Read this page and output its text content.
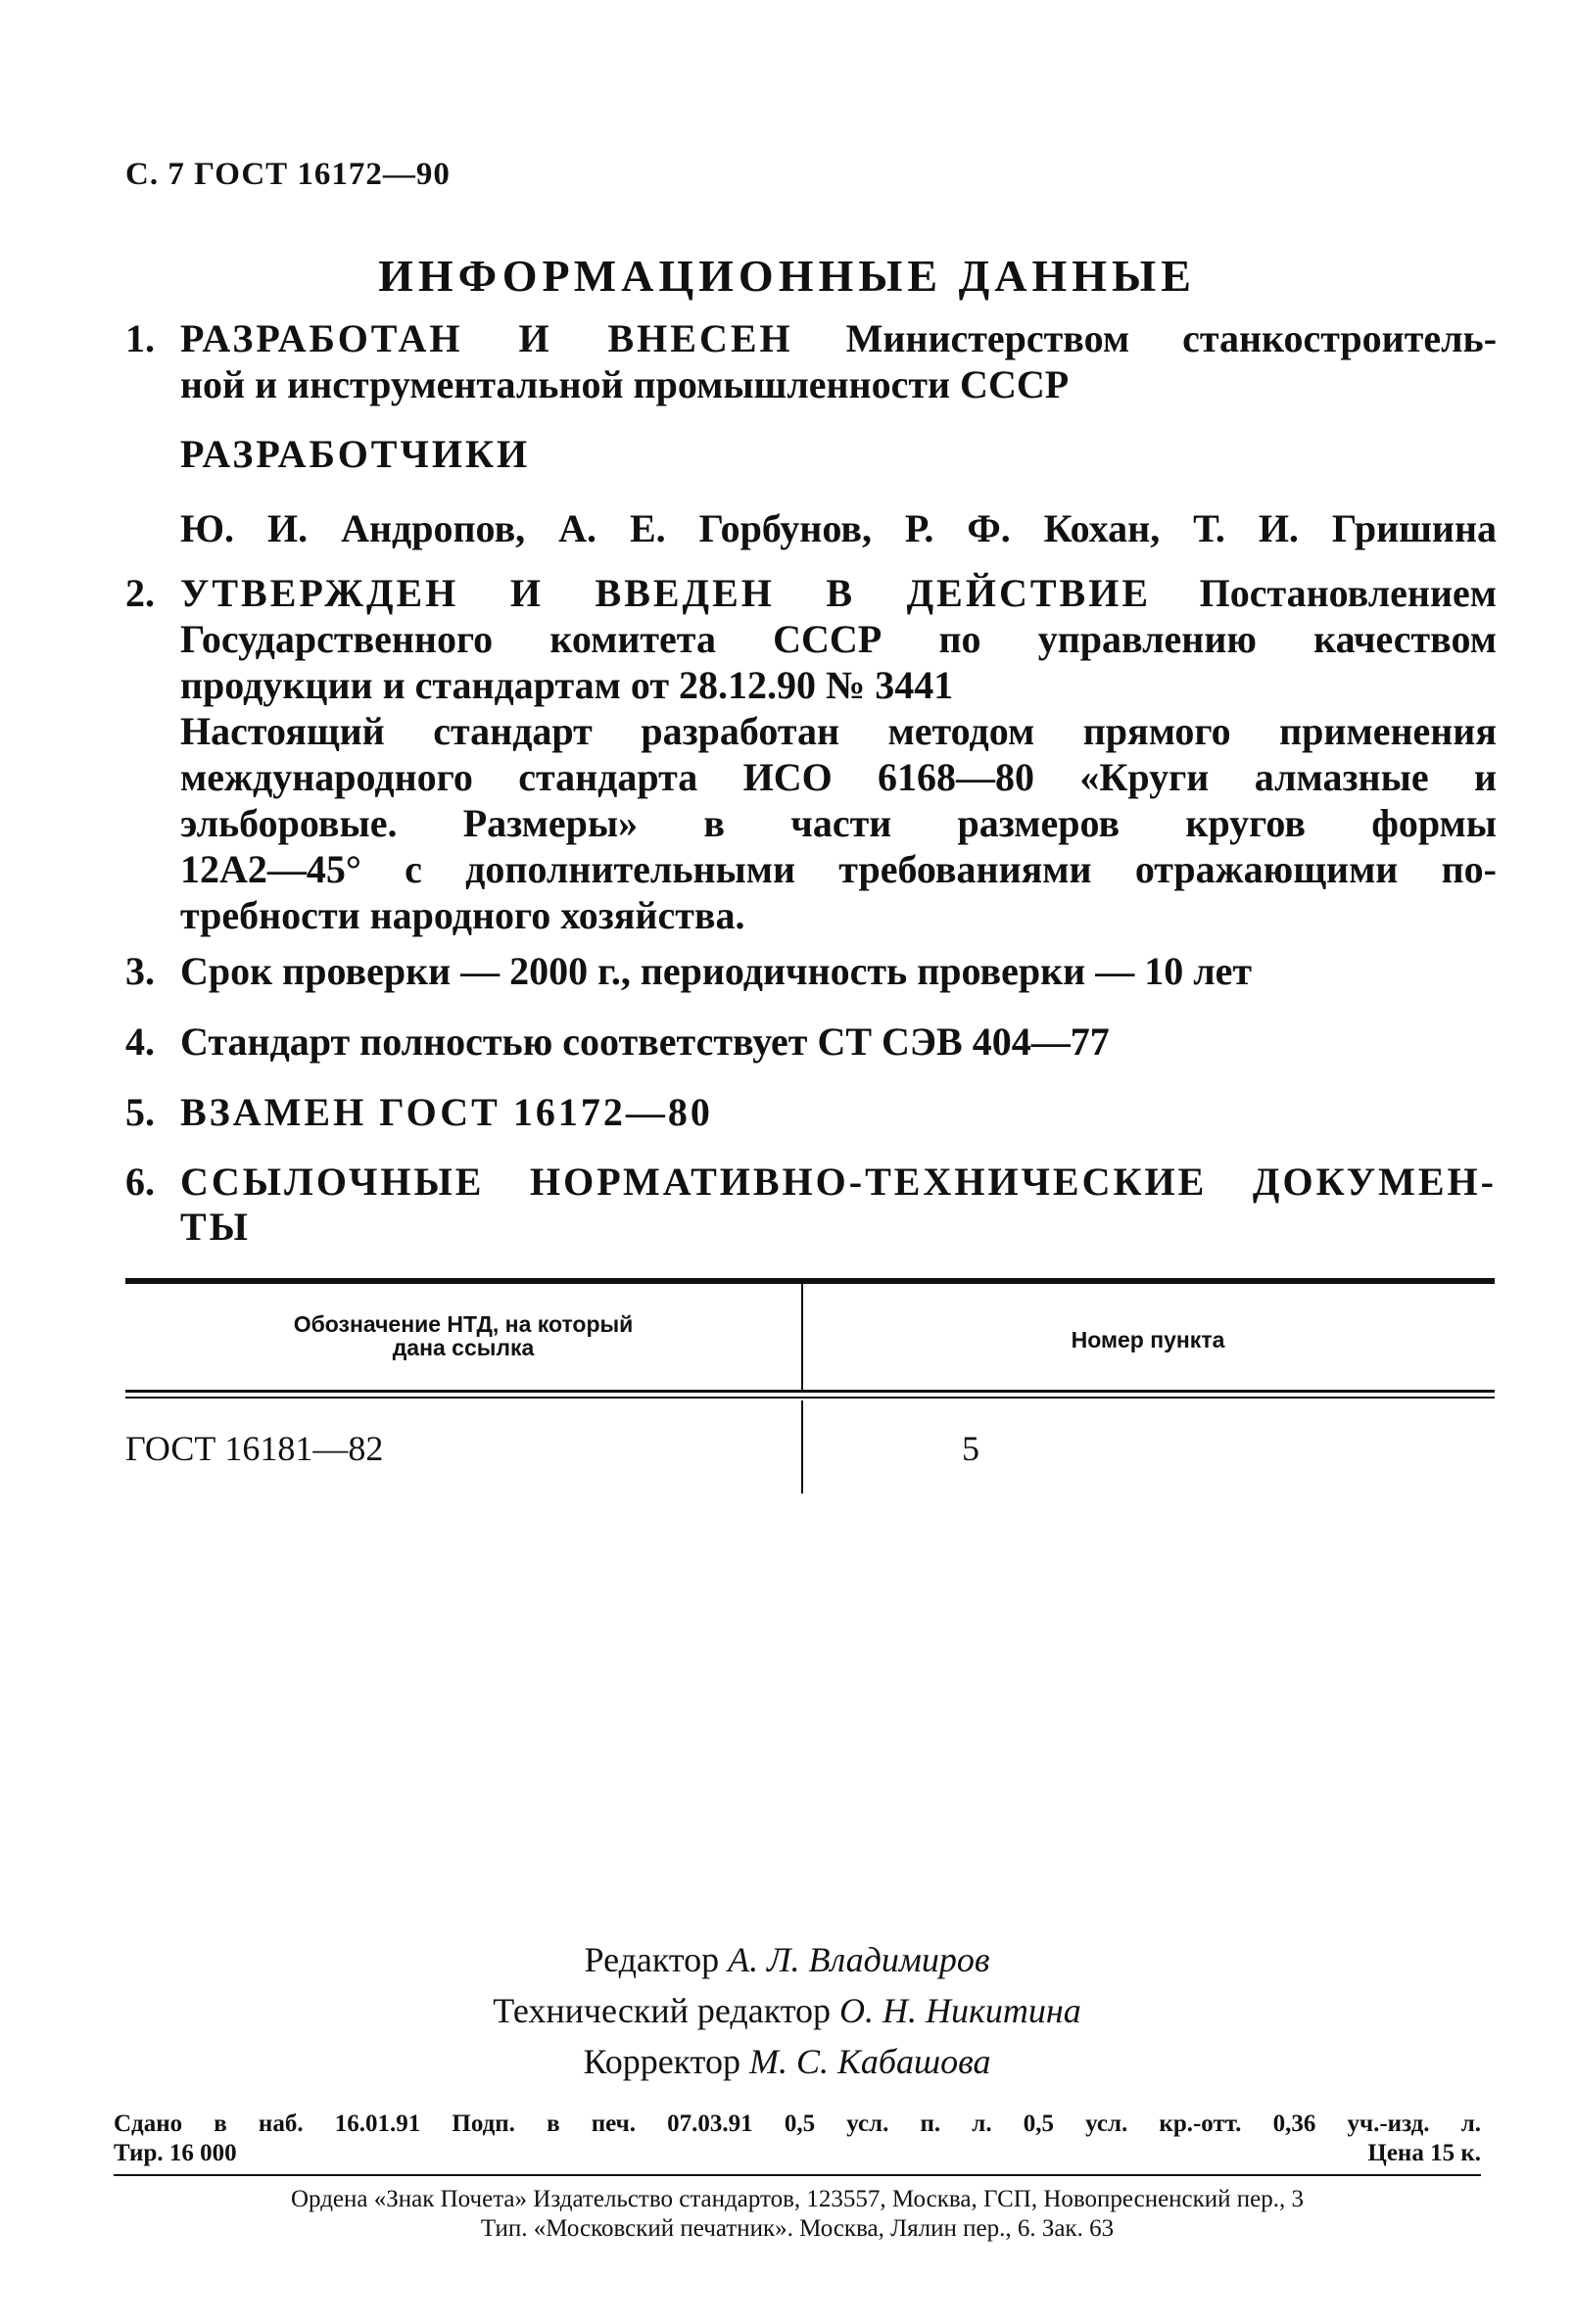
С. 7 ГОСТ 16172—90
ИНФОРМАЦИОННЫЕ ДАННЫЕ
1. РАЗРАБОТАН И ВНЕСЕН Министерством станкостроитель-
ной и инструментальной промышленности СССР
РАЗРАБОТЧИКИ
Ю. И. Андропов, А. Е. Горбунов, Р. Ф. Кохан, Т. И. Гришина
2. УТВЕРЖДЕН И ВВЕДЕН В ДЕЙСТВИЕ Постановлением
Государственного комитета СССР по управлению качеством
продукции и стандартам от 28.12.90 № 3441
Настоящий стандарт разработан методом прямого применения
международного стандарта ИСО 6168—80 «Круги алмазные и
эльборовые. Размеры» в части размеров кругов формы
12А2—45° с дополнительными требованиями отражающими по-
требности народного хозяйства.
3. Срок проверки — 2000 г., периодичность проверки — 10 лет
4. Стандарт полностью соответствует СТ СЭВ 404—77
5. ВЗАМЕН ГОСТ 16172—80
6. ССЫЛОЧНЫЕ НОРМАТИВНО-ТЕХНИЧЕСКИЕ ДОКУМЕН-
ТЫ
Обозначение НТД, на который
дана ссылка	Номер пункта
ГОСТ 16181—82	5
Редактор А. Л. Владимиров
Технический редактор О. Н. Никитина
Корректор М. С. Кабашова
Сдано в наб. 16.01.91 Подп. в печ. 07.03.91 0,5 усл. п. л. 0,5 усл. кр.-отт. 0,36 уч.-изд. л.
Тир. 16 000	Цена 15 к.
Ордена «Знак Почета» Издательство стандартов, 123557, Москва, ГСП, Новопресненский пер., 3
Тип. «Московский печатник». Москва, Лялин пер., 6. Зак. 63
